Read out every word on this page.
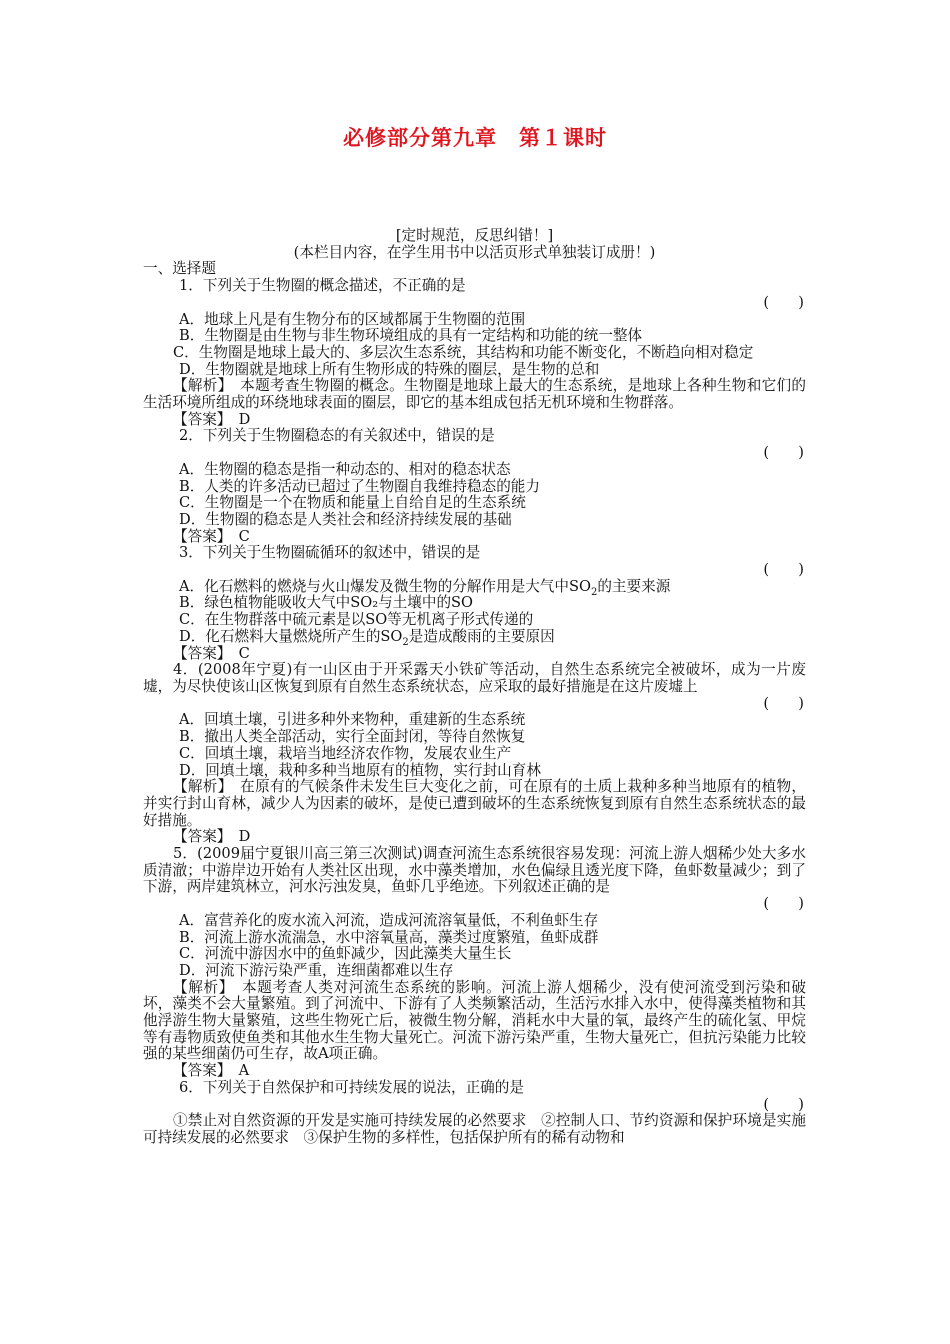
必修部分第九章　第１课时
[定时规范，反思纠错！]
(本栏目内容，在学生用书中以活页形式单独装订成册！)
一、选择题
1．下列关于生物圈的概念描述，不正确的是
(　　)
A．地球上凡是有生物分布的区域都属于生物圈的范围
B．生物圈是由生物与非生物环境组成的具有一定结构和功能的统一整体
C．生物圈是地球上最大的、多层次生态系统，其结构和功能不断变化，不断趋向相对稳定
D．生物圈就是地球上所有生物形成的特殊的圈层，是生物的总和
【解析】　本题考查生物圈的概念。生物圈是地球上最大的生态系统，是地球上各种生物和它们的生活环境所组成的环绕地球表面的圈层，即它的基本组成包括无机环境和生物群落。
【答案】　D
2．下列关于生物圈稳态的有关叙述中，错误的是
(　　)
A．生物圈的稳态是指一种动态的、相对的稳态状态
B．人类的许多活动已超过了生物圈自我维持稳态的能力
C．生物圈是一个在物质和能量上自给自足的生态系统
D．生物圈的稳态是人类社会和经济持续发展的基础
【答案】　C
3．下列关于生物圈硫循环的叙述中，错误的是
(　　)
A．化石燃料的燃烧与火山爆发及微生物的分解作用是大气中$SO_2$的主要来源
B．绿色植物能吸收大气中SO₂与土壤中的SO
C．在生物群落中硫元素是以SO等无机离子形式传递的
D．化石燃料大量燃烧所产生的$SO_2$是造成酸雨的主要原因
【答案】　C
4．(2008年宁夏)有一山区由于开采露天小铁矿等活动，自然生态系统完全被破坏，成为一片废墟，为尽快使该山区恢复到原有自然生态系统状态，应采取的最好措施是在这片废墟上
(　　)
A．回填土壤，引进多种外来物种，重建新的生态系统
B．撤出人类全部活动，实行全面封闭，等待自然恢复
C．回填土壤，栽培当地经济农作物，发展农业生产
D．回填土壤，栽种多种当地原有的植物，实行封山育林
【解析】　在原有的气候条件未发生巨大变化之前，可在原有的土质上栽种多种当地原有的植物，并实行封山育林，减少人为因素的破坏，是使已遭到破坏的生态系统恢复到原有自然生态系统状态的最好措施。
【答案】　D
5．(2009届宁夏银川高三第三次测试)调查河流生态系统很容易发现：河流上游人烟稀少处大多水质清澈；中游岸边开始有人类社区出现，水中藻类增加，水色偏绿且透光度下降，鱼虾数量减少；到了下游，两岸建筑林立，河水污浊发臭，鱼虾几乎绝迹。下列叙述正确的是
(　　)
A．富营养化的废水流入河流，造成河流溶氧量低，不利鱼虾生存
B．河流上游水流湍急，水中溶氧量高，藻类过度繁殖，鱼虾成群
C．河流中游因水中的鱼虾减少，因此藻类大量生长
D．河流下游污染严重，连细菌都难以生存
【解析】　本题考查人类对河流生态系统的影响。河流上游人烟稀少，没有使河流受到污染和破坏，藻类不会大量繁殖。到了河流中、下游有了人类频繁活动，生活污水排入水中，使得藻类植物和其他浮游生物大量繁殖，这些生物死亡后，被微生物分解，消耗水中大量的氧，最终产生的硫化氢、甲烷等有毒物质致使鱼类和其他水生生物大量死亡。河流下游污染严重，生物大量死亡，但抗污染能力比较强的某些细菌仍可生存，故A项正确。
【答案】　A
6．下列关于自然保护和可持续发展的说法，正确的是
(　　)
①禁止对自然资源的开发是实施可持续发展的必然要求　②控制人口、节约资源和保护环境是实施可持续发展的必然要求　③保护生物的多样性，包括保护所有的稀有动物和
